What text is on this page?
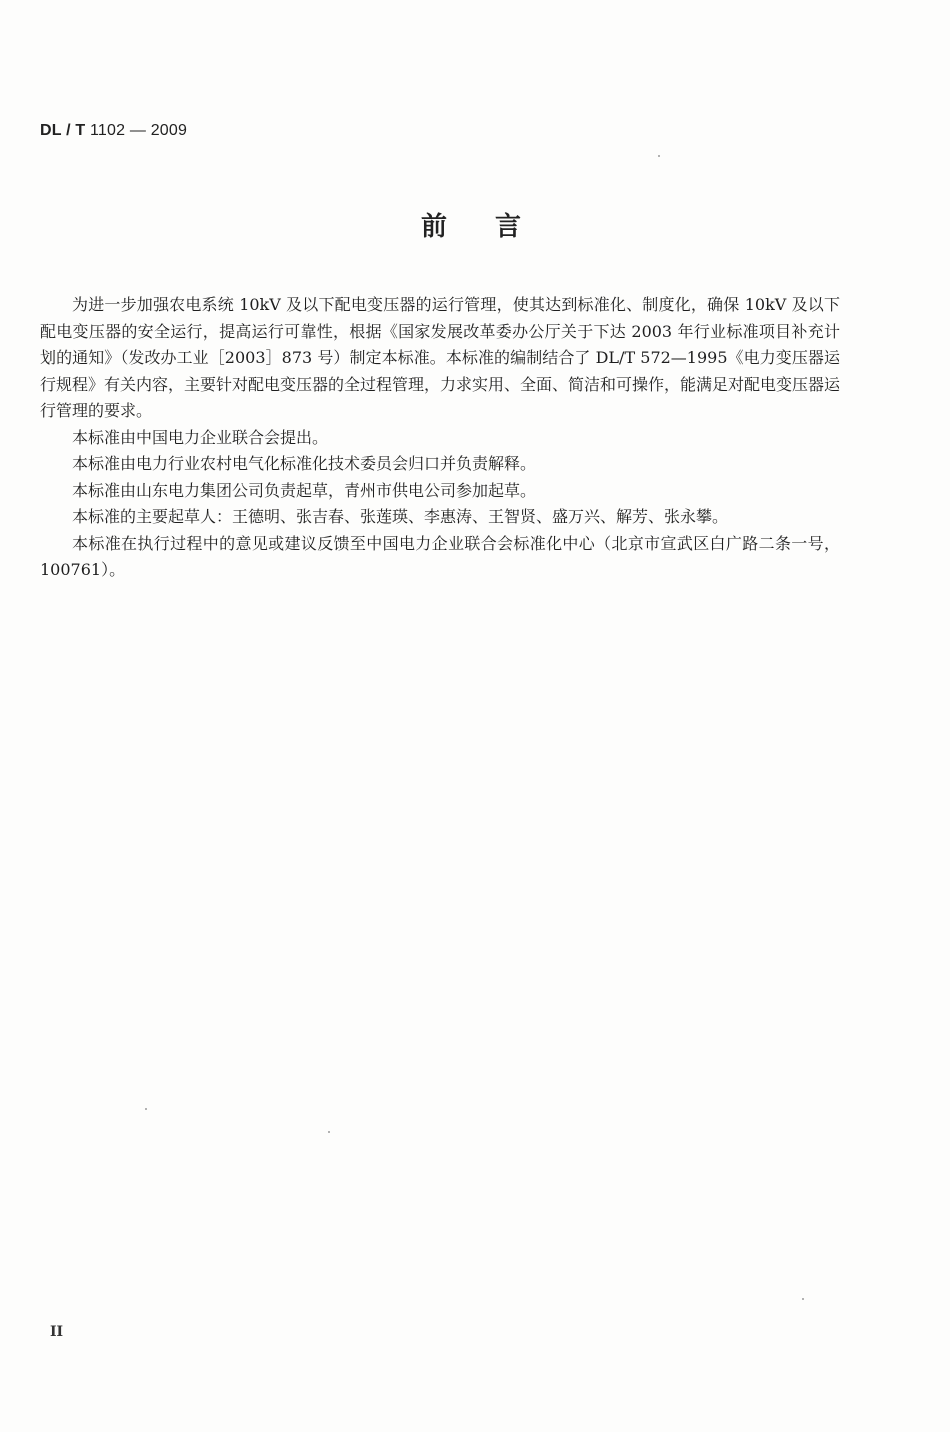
DL / T 1102 — 2009
前言

为进一步加强农电系统 10kV 及以下配电变压器的运行管理，使其达到标准化、制度化，确保 10kV 及以下配电变压器的安全运行，提高运行可靠性，根据《国家发展改革委办公厅关于下达 2003 年行业标准项目补充计划的通知》（发改办工业［2003］873 号）制定本标准。本标准的编制结合了 DL/T 572—1995《电力变压器运行规程》有关内容，主要针对配电变压器的全过程管理，力求实用、全面、简洁和可操作，能满足对配电变压器运行管理的要求。

本标准由中国电力企业联合会提出。

本标准由电力行业农村电气化标准化技术委员会归口并负责解释。

本标准由山东电力集团公司负责起草，青州市供电公司参加起草。

本标准的主要起草人：王德明、张吉春、张莲瑛、李惠涛、王智贤、盛万兴、解芳、张永攀。

本标准在执行过程中的意见或建议反馈至中国电力企业联合会标准化中心（北京市宣武区白广路二条一号，100761）。

II
